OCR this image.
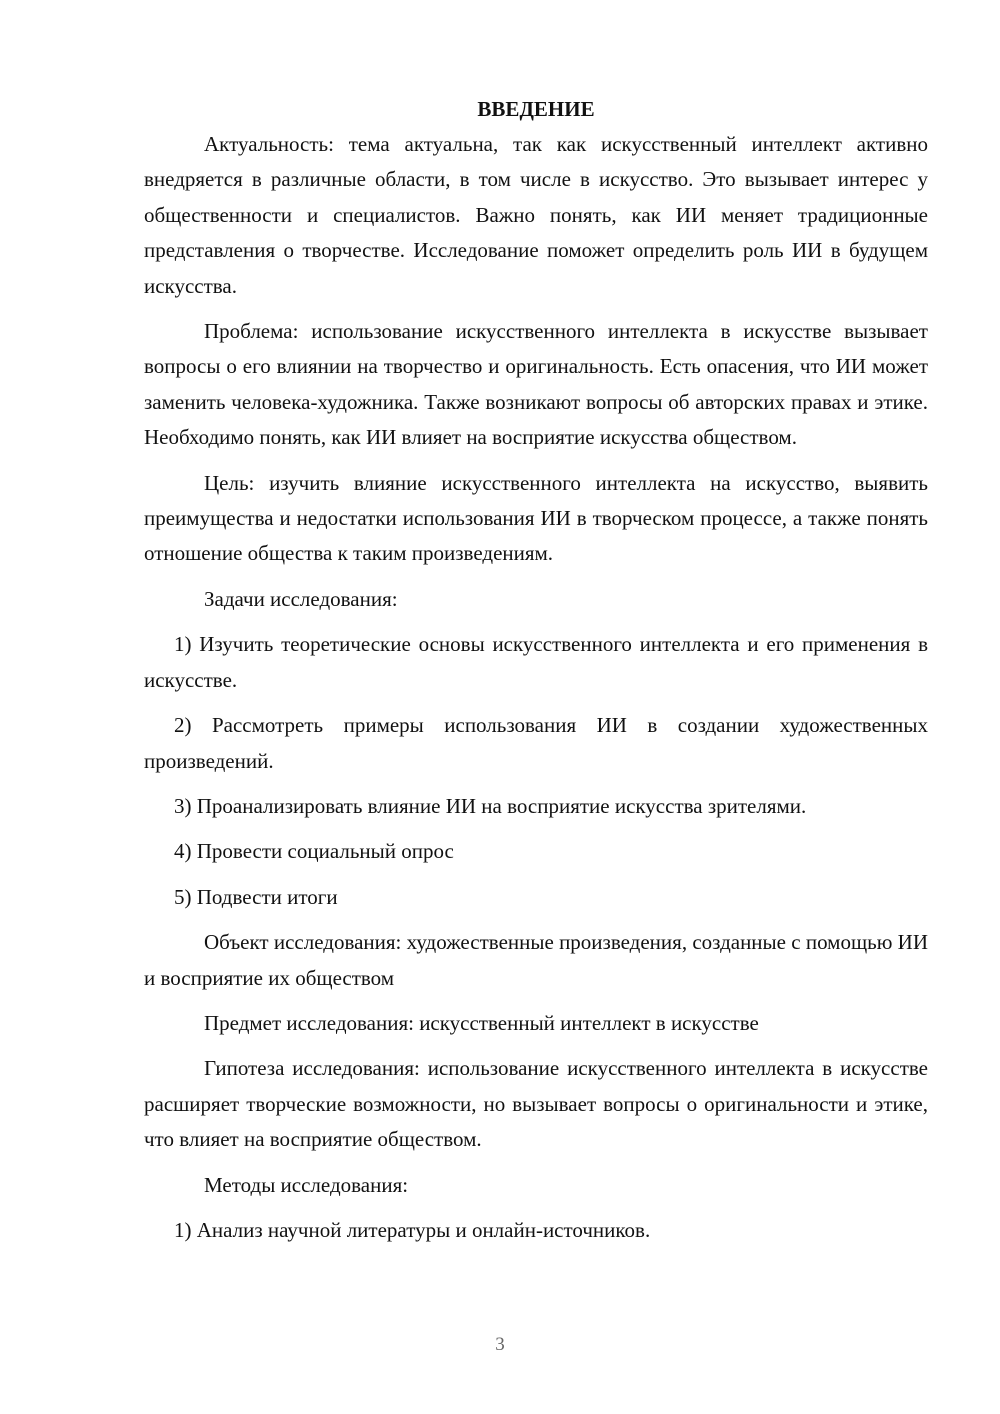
ВВЕДЕНИЕ

Актуальность: тема актуальна, так как искусственный интеллект активно внедряется в различные области, в том числе в искусство. Это вызывает интерес у общественности и специалистов. Важно понять, как ИИ меняет традиционные представления о творчестве. Исследование поможет определить роль ИИ в будущем искусства.

Проблема: использование искусственного интеллекта в искусстве вызывает вопросы о его влиянии на творчество и оригинальность. Есть опасения, что ИИ может заменить человека-художника. Также возникают вопросы об авторских правах и этике. Необходимо понять, как ИИ влияет на восприятие искусства обществом.

Цель: изучить влияние искусственного интеллекта на искусство, выявить преимущества и недостатки использования ИИ в творческом процессе, а также понять отношение общества к таким произведениям.

Задачи исследования:

1) Изучить теоретические основы искусственного интеллекта и его применения в искусстве.

2) Рассмотреть примеры использования ИИ в создании художественных произведений.

3) Проанализировать влияние ИИ на восприятие искусства зрителями.

4) Провести социальный опрос

5) Подвести итоги

Объект исследования: художественные произведения, созданные с помощью ИИ и восприятие их обществом

Предмет исследования: искусственный интеллект в искусстве

Гипотеза исследования: использование искусственного интеллекта в искусстве расширяет творческие возможности, но вызывает вопросы о оригинальности и этике, что влияет на восприятие обществом.

Методы исследования:

1) Анализ научной литературы и онлайн-источников.

3
